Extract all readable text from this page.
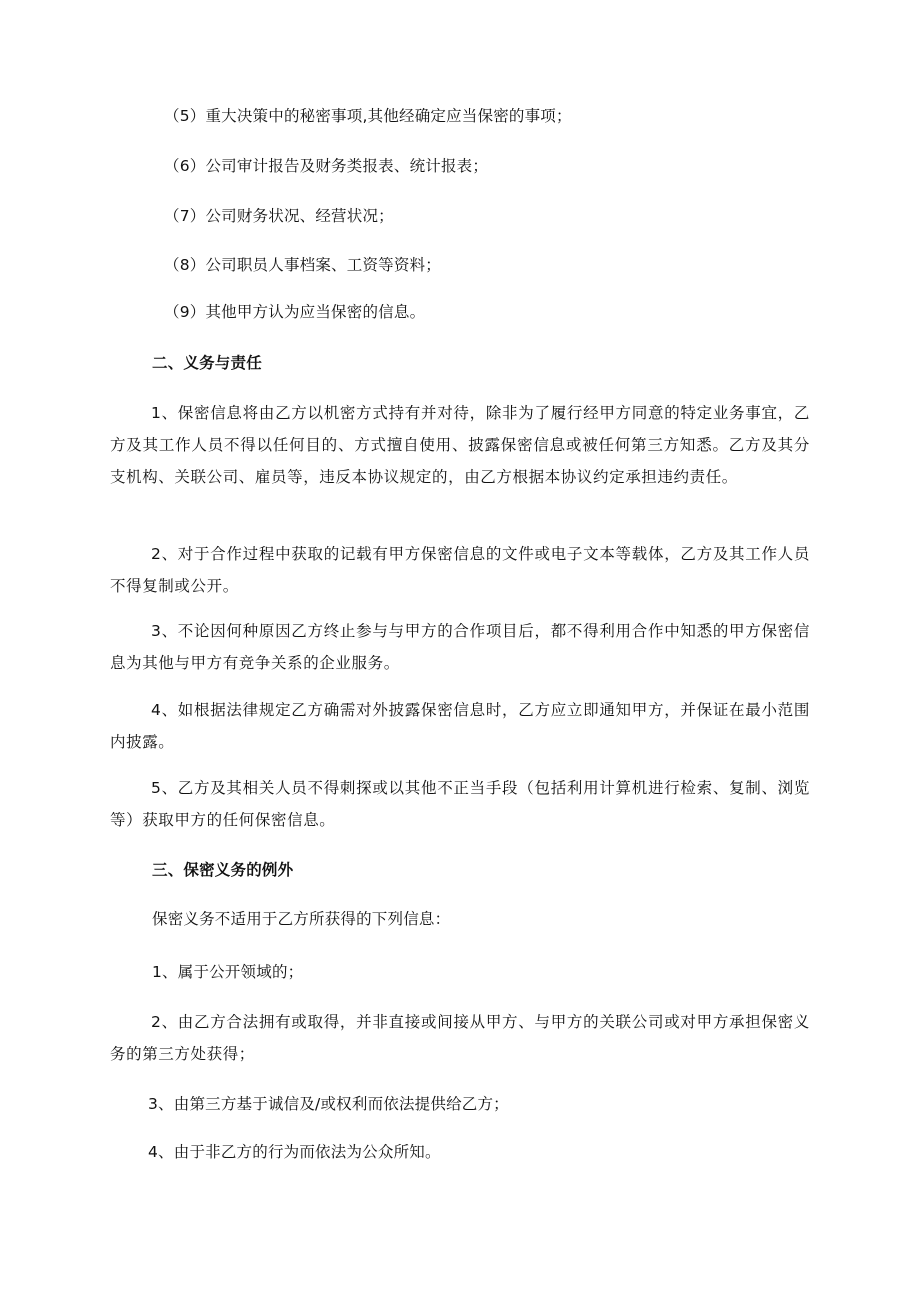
（5）重大决策中的秘密事项,其他经确定应当保密的事项；
（6）公司审计报告及财务类报表、统计报表；
（7）公司财务状况、经营状况；
（8）公司职员人事档案、工资等资料；
（9）其他甲方认为应当保密的信息。
二、义务与责任
1、保密信息将由乙方以机密方式持有并对待，除非为了履行经甲方同意的特定业务事宜，乙方及其工作人员不得以任何目的、方式擅自使用、披露保密信息或被任何第三方知悉。乙方及其分支机构、关联公司、雇员等，违反本协议规定的，由乙方根据本协议约定承担违约责任。
2、对于合作过程中获取的记载有甲方保密信息的文件或电子文本等载体，乙方及其工作人员不得复制或公开。
3、不论因何种原因乙方终止参与与甲方的合作项目后，都不得利用合作中知悉的甲方保密信息为其他与甲方有竞争关系的企业服务。
4、如根据法律规定乙方确需对外披露保密信息时，乙方应立即通知甲方，并保证在最小范围内披露。
5、乙方及其相关人员不得刺探或以其他不正当手段（包括利用计算机进行检索、复制、浏览等）获取甲方的任何保密信息。
三、保密义务的例外
保密义务不适用于乙方所获得的下列信息：
1、属于公开领域的；
2、由乙方合法拥有或取得，并非直接或间接从甲方、与甲方的关联公司或对甲方承担保密义务的第三方处获得；
3、由第三方基于诚信及/或权利而依法提供给乙方；
4、由于非乙方的行为而依法为公众所知。
